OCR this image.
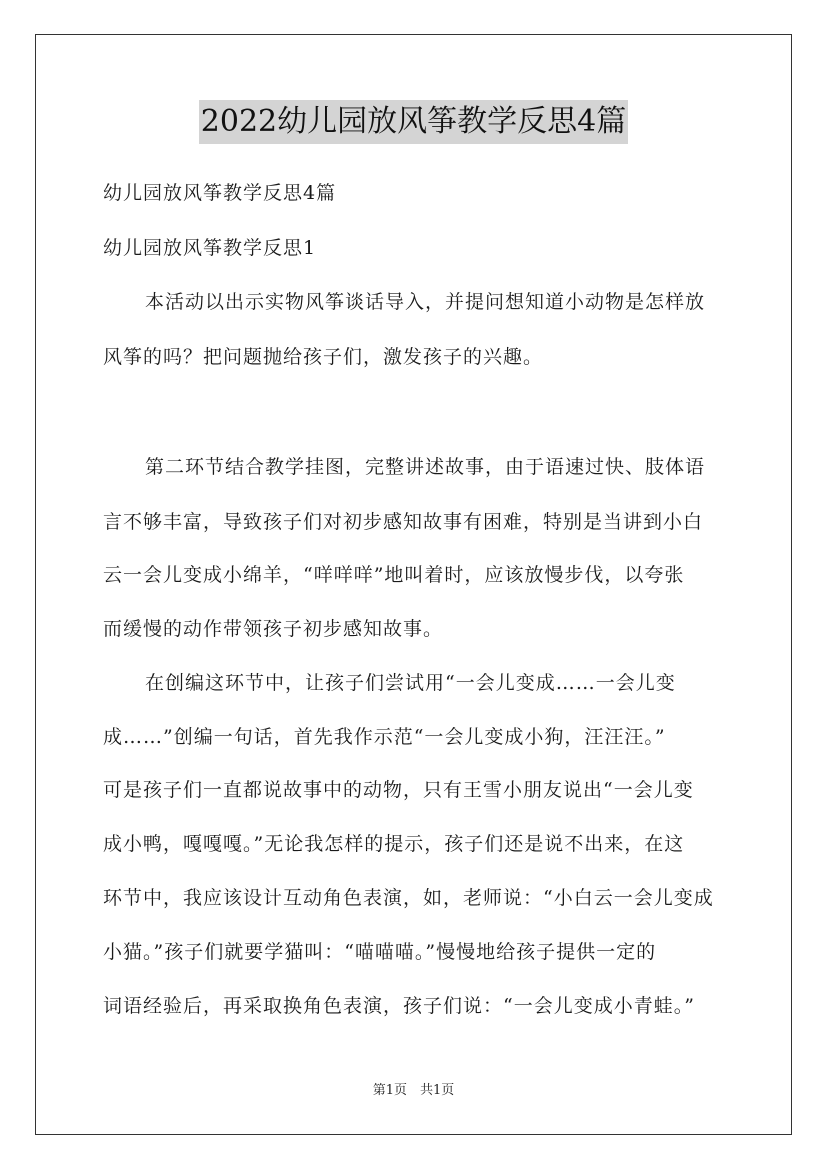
2022幼儿园放风筝教学反思4篇
幼儿园放风筝教学反思4篇
幼儿园放风筝教学反思1
本活动以出示实物风筝谈话导入，并提问想知道小动物是怎样放
风筝的吗？把问题抛给孩子们，激发孩子的兴趣。
第二环节结合教学挂图，完整讲述故事，由于语速过快、肢体语
言不够丰富，导致孩子们对初步感知故事有困难，特别是当讲到小白
云一会儿变成小绵羊，“咩咩咩”地叫着时，应该放慢步伐，以夸张
而缓慢的动作带领孩子初步感知故事。
在创编这环节中，让孩子们尝试用“一会儿变成……一会儿变
成……”创编一句话，首先我作示范“一会儿变成小狗，汪汪汪。”
可是孩子们一直都说故事中的动物，只有王雪小朋友说出“一会儿变
成小鸭，嘎嘎嘎。”无论我怎样的提示，孩子们还是说不出来，在这
环节中，我应该设计互动角色表演，如，老师说：“小白云一会儿变成
小猫。”孩子们就要学猫叫：“喵喵喵。”慢慢地给孩子提供一定的
词语经验后，再采取换角色表演，孩子们说：“一会儿变成小青蛙。”
第1页　共1页
